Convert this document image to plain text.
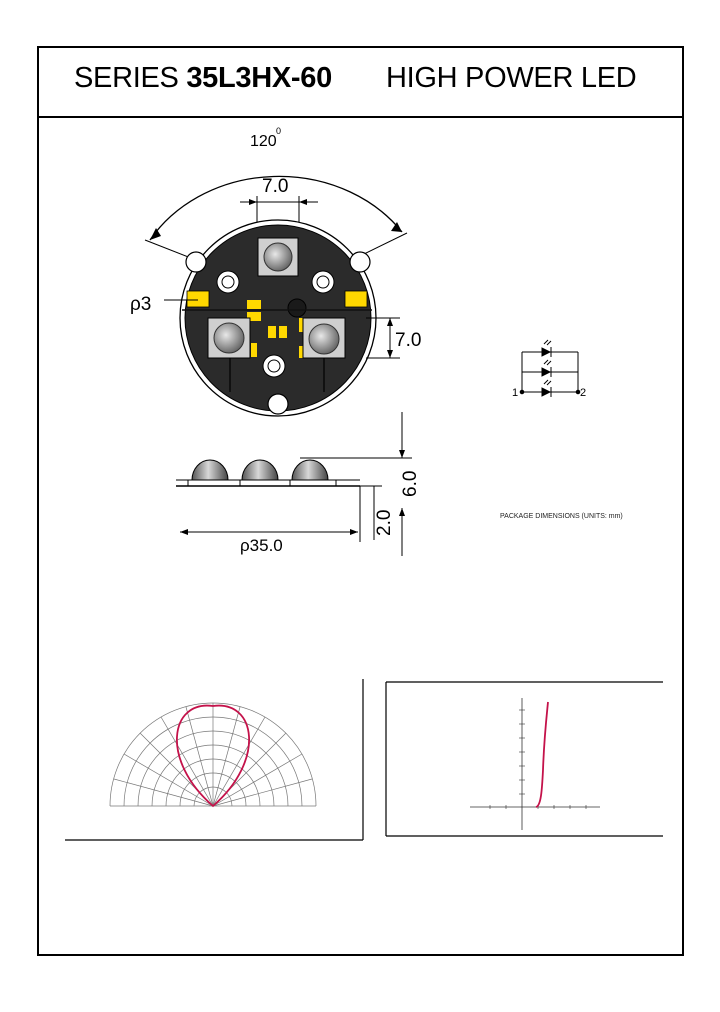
SERIES 35L3HX-60 HIGH POWER LED
120
0
7.0
ρ3
7.0
1	2
6.0
2.0
ρ35.0
PACKAGE DIMENSIONS (UNITS: mm)
